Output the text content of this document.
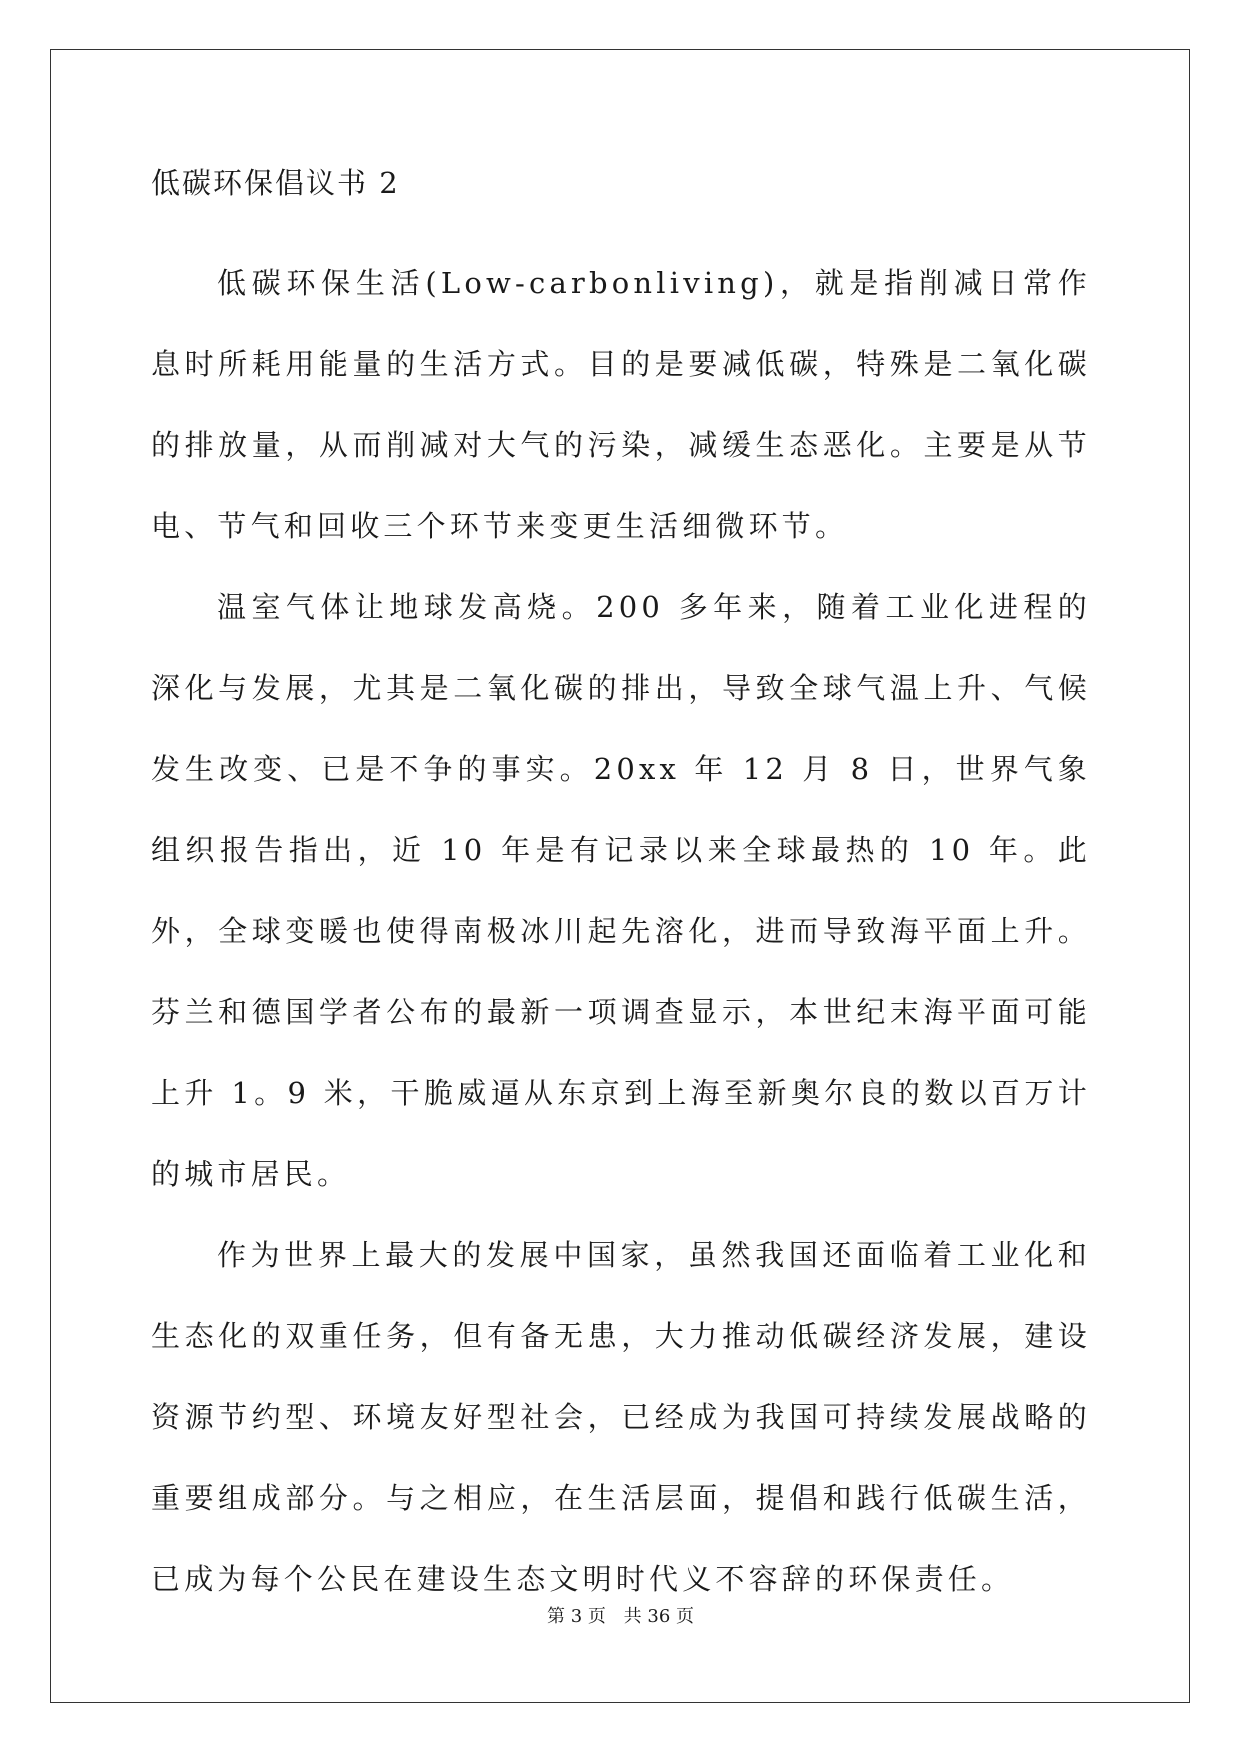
低碳环保倡议书 2

低碳环保生活(Low-carbonliving)，就是指削减日常作息时所耗用能量的生活方式。目的是要减低碳，特殊是二氧化碳的排放量，从而削减对大气的污染，减缓生态恶化。主要是从节电、节气和回收三个环节来变更生活细微环节。

温室气体让地球发高烧。200 多年来，随着工业化进程的深化与发展，尤其是二氧化碳的排出，导致全球气温上升、气候发生改变、已是不争的事实。20xx 年 12 月 8 日，世界气象组织报告指出，近 10 年是有记录以来全球最热的 10 年。此外，全球变暖也使得南极冰川起先溶化，进而导致海平面上升。芬兰和德国学者公布的最新一项调查显示，本世纪末海平面可能上升 1。9 米，干脆威逼从东京到上海至新奥尔良的数以百万计的城市居民。

作为世界上最大的发展中国家，虽然我国还面临着工业化和生态化的双重任务，但有备无患，大力推动低碳经济发展，建设资源节约型、环境友好型社会，已经成为我国可持续发展战略的重要组成部分。与之相应，在生活层面，提倡和践行低碳生活，已成为每个公民在建设生态文明时代义不容辞的环保责任。

第 3 页 共 36 页
